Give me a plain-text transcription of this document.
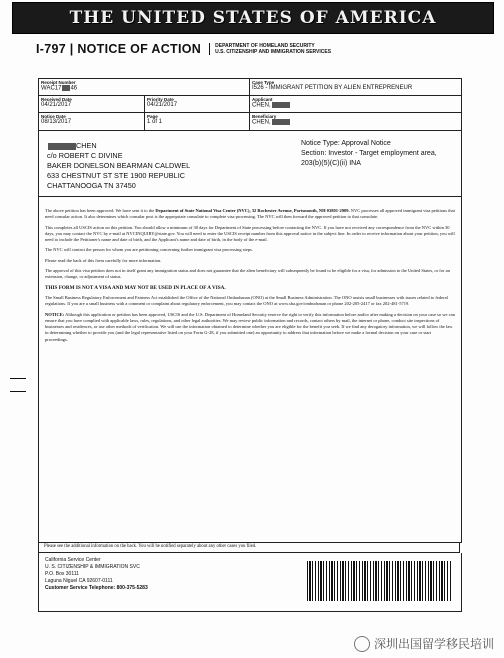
THE UNITED STATES OF AMERICA
I-797 | NOTICE OF ACTION	DEPARTMENT OF HOMELAND SECURITY
U.S. CITIZENSHIP AND IMMIGRATION SERVICES
Receipt Number
WAC17 46
Case Type
I526 - IMMIGRANT PETITION BY ALIEN ENTREPRENEUR
Received Date
04/21/2017
Priority Date
04/21/2017
Applicant
CHEN,
Notice Date
08/13/2017
Page
1 of 1
Beneficiary
CHEN,
CHEN
c/o ROBERT C DIVINE
BAKER DONELSON BEARMAN CALDWEL
633 CHESTNUT ST STE 1900 REPUBLIC
CHATTANOOGA TN 37450
Notice Type: Approval Notice
Section: Investor - Target employment area,
203(b)(5)(C)(ii) INA

The above petition has been approved. We have sent it to the Department of State National Visa Center (NVC), 32 Rochester Avenue, Portsmouth, NH 03801-2909. NVC processes all approved immigrant visa petitions that need consular action. It also determines which consular post is the appropriate consulate to complete visa processing. The NVC will then forward the approved petition to that consulate.

This completes all USCIS action on this petition. You should allow a minimum of 30 days for Department of State processing before contacting the NVC. If you have not received any correspondence from the NVC within 30 days, you may contact the NVC by e-mail at NVCINQUIRY@state.gov. You will need to enter the USCIS receipt number from this approval notice in the subject line. In order to receive information about your petition, you will need to include the Petitioner's name and date of birth, and the Applicant's name and date of birth, in the body of the e-mail.

The NVC will contact the person for whom you are petitioning concerning further immigrant visa processing steps.

Please read the back of this form carefully for more information.

The approval of this visa petition does not in itself grant any immigration status and does not guarantee that the alien beneficiary will subsequently be found to be eligible for a visa, for admission to the United States, or for an extension, change, or adjustment of status.

THIS FORM IS NOT A VISA AND MAY NOT BE USED IN PLACE OF A VISA.

The Small Business Regulatory Enforcement and Fairness Act established the Office of the National Ombudsman (ONO) at the Small Business Administration. The ONO assists small businesses with issues related to federal regulations. If you are a small business with a comment or complaint about regulatory enforcement, you may contact the ONO at www.sba.gov/ombudsman or phone 202-205-2417 or fax 202-481-5719.

NOTICE: Although this application or petition has been approved, USCIS and the U.S. Department of Homeland Security reserve the right to verify this information before and/or after making a decision on your case so we can ensure that you have complied with applicable laws, rules, regulations, and other legal authorities. We may review public information and records, contact others by mail, the internet or phone, conduct site inspections of businesses and residences, or use other methods of verification. We will use the information obtained to determine whether you are eligible for the benefit you seek. If we find any derogatory information, we will follow the law in determining whether to provide you (and the legal representative listed on your Form G-28, if you submitted one) an opportunity to address that information before we make a formal decision on your case or start proceedings.

Please see the additional information on the back. You will be notified separately about any other cases you filed.
California Service Center
U. S. CITIZENSHIP & IMMIGRATION SVC
P.O. Box 30111
Laguna Niguel CA 92607-0111
Customer Service Telephone: 800-375-5283
深圳出国留学移民培训
